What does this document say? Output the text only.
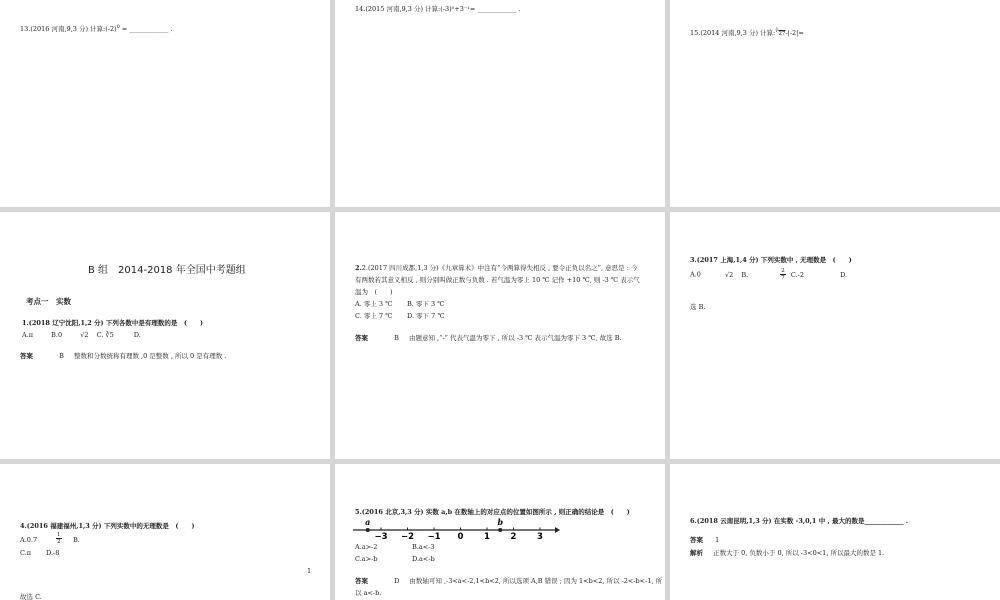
13.(2016 河南,9,3 分) 计算$:(-2)^0$ = ____________ .
14.(2015 河南,9,3 分) 计算:(-3)⁰+3⁻¹= ____________ .
15.(2014 河南,9,3 分) 计算:∛27-|-2|=
B 组　2014-2018 年全国中考题组
考点一　实数
1.(2018 辽宁沈阳,1,2 分) 下列各数中是有理数的是　(　　)
A.π	B.0	√2 C. ∛5	D.
答案	B 整数和分数统称有理数 ,0 是整数 , 所以 0 是有理数 .
2.2.(2017 四川成都,1,3 分)《九章算术》中注有“今两算得失相反 , 要令正负以名之”, 意思是 : 今
有两数若其意义相反 , 则分别叫做正数与负数 . 若气温为零上 10 ℃ 记作 +10 ℃, 则 -3 ℃ 表示气
温为　(　　)
A. 零上 3 ℃ B. 零下 3 ℃
C. 零上 7 ℃ D. 零下 7 ℃
答案	B 由题意知 ,“-” 代表气温为零下 , 所以 -3 ℃ 表示气温为零下 3 ℃, 故选 B.
3.(2017 上海,1,4 分) 下列实数中 , 无理数是　(　　)
A.0	√2 B.	$\frac{2}{7} C.-2$	D.
选 B.
4.(2016 福建福州,1,3 分) 下列实数中的无理数是　(　　)
A.0.7	$\frac{1}{2} B$.
C.π D.-8
1
故选 C.
5.(2016 北京,3,3 分) 实数 a,b 在数轴上的对应点的位置如图所示 , 则正确的结论是　(　　)
−3 −2 −1 0 1 2 3
a	b
A.a>-2	B.a<-3
C.a>-b	D.a<-b
答案	D 由数轴可知 ,-3<a<-2,1<b<2, 所以选项 A,B 错误 ; 因为 1<b<2, 所以 -2<-b<-1, 所
以 a<-b.
6.(2018 云南昆明,1,3 分) 在实数 -3,0,1 中 , 最大的数是____________ .
答案 1
解析 正数大于 0, 负数小于 0, 所以 -3<0<1, 所以最大的数是 1.
